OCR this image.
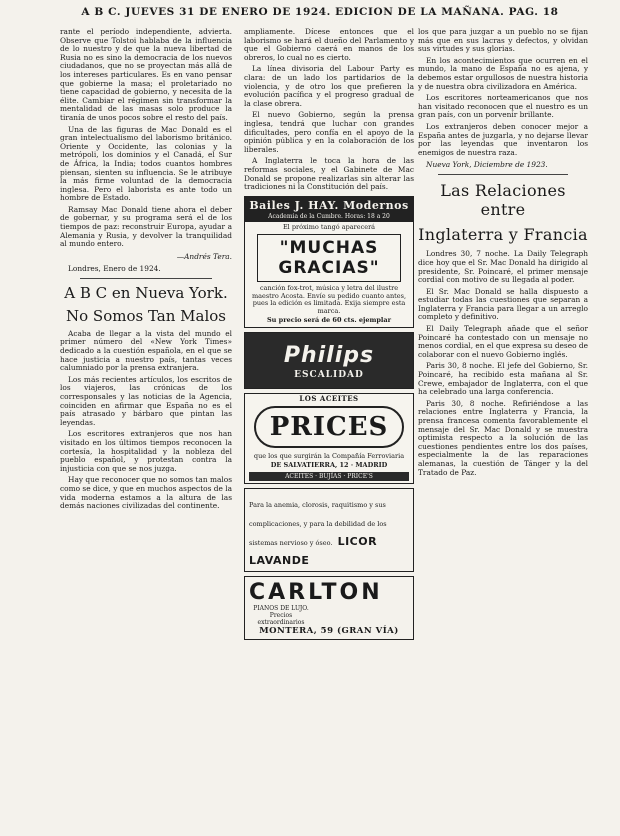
A B C. JUEVES 31 DE ENERO DE 1924. EDICION DE LA MAÑANA. PAG. 18

rante el período independiente, advierta. Observe que Tolstoi hablaba de la influencia de lo nuestro y de que la nueva libertad de Rusia no es sino la democracia de los nuevos ciudadanos, que no se proyectan más allá de los intereses particulares. Es en vano pensar que gobierne la masa; el proletariado no tiene capacidad de gobierno, y necesita de la élite. Cambiar el régimen sin transformar la mentalidad de las masas solo produce la tiranía de unos pocos sobre el resto del país.

Una de las figuras de Mac Donald es el gran intelectualismo del laborismo británico. Oriente y Occidente, las colonias y la metrópoli, los dominios y el Canadá, el Sur de África, la India; todos cuantos hombres piensan, sienten su influencia. Se le atribuye la más firme voluntad de la democracia inglesa. Pero el laborista es ante todo un hombre de Estado.

Ramsay Mac Donald tiene ahora el deber de gobernar, y su programa será el de los tiempos de paz: reconstruir Europa, ayudar a Alemania y Rusia, y devolver la tranquilidad al mundo entero.

—Andrés Tera.
Londres, Enero de 1924.
A B C en Nueva York.
No Somos Tan Malos

Acaba de llegar a la vista del mundo el primer número del «New York Times» dedicado a la cuestión española, en el que se hace justicia a nuestro país, tantas veces calumniado por la prensa extranjera.

Los más recientes artículos, los escritos de los viajeros, las crónicas de los corresponsales y las noticias de la Agencia, coinciden en afirmar que España no es el país atrasado y bárbaro que pintan las leyendas.

Los escritores extranjeros que nos han visitado en los últimos tiempos reconocen la cortesía, la hospitalidad y la nobleza del pueblo español, y protestan contra la injusticia con que se nos juzga.

Hay que reconocer que no somos tan malos como se dice, y que en muchos aspectos de la vida moderna estamos a la altura de las demás naciones civilizadas del continente.

ampliamente. Dícese entonces que el laborismo se hará el dueño del Parlamento y que el Gobierno caerá en manos de los obreros, lo cual no es cierto.

La línea divisoria del Labour Party es clara: de un lado los partidarios de la violencia, y de otro los que prefieren la evolución pacífica y el progreso gradual de la clase obrera.

El nuevo Gobierno, según la prensa inglesa, tendrá que luchar con grandes dificultades, pero confía en el apoyo de la opinión pública y en la colaboración de los liberales.

A Inglaterra le toca la hora de las reformas sociales, y el Gabinete de Mac Donald se propone realizarlas sin alterar las tradiciones ni la Constitución del país.

Bailes J. HAY. Modernos
Academia de la Cumbre. Horas: 18 a 20
El próximo tangó aparecerá
"MUCHAS GRACIAS"
canción fox-trot, música y letra del ilustre maestro Acosta. Envíe su pedido cuanto antes, pues la edición es limitada. Exija siempre esta marca.
Su precio será de 60 cts. ejemplar
Philips
ESCALIDAD
LOS ACEITES
PRICES
que los que surgirán la Compañía Ferroviaria
DE SALVATIERRA, 12 · MADRID
ACEITES · BUJÍAS · PRICE'S
Para la anemia, clorosis, raquitismo y sus complicaciones, y para la debilidad de los sistemas nervioso y óseo. LICOR LAVANDE
CARLTON PIANOS DE LUJO. Precios extraordinarios
MONTERA, 59 (GRAN VÍA)

los que para juzgar a un pueblo no se fijan más que en sus lacras y defectos, y olvidan sus virtudes y sus glorias.

En los acontecimientos que ocurren en el mundo, la mano de España no es ajena, y debemos estar orgullosos de nuestra historia y de nuestra obra civilizadora en América.

Los escritores norteamericanos que nos han visitado reconocen que el nuestro es un gran país, con un porvenir brillante.

Los extranjeros deben conocer mejor a España antes de juzgarla, y no dejarse llevar por las leyendas que inventaron los enemigos de nuestra raza.

Nueva York, Diciembre de 1923.
Las Relaciones entre
Inglaterra y Francia

Londres 30, 7 noche. La Daily Telegraph dice hoy que el Sr. Mac Donald ha dirigido al presidente, Sr. Poincaré, el primer mensaje cordial con motivo de su llegada al poder.

El Sr. Mac Donald se halla dispuesto a estudiar todas las cuestiones que separan a Inglaterra y Francia para llegar a un arreglo completo y definitivo.

El Daily Telegraph añade que el señor Poincaré ha contestado con un mensaje no menos cordial, en el que expresa su deseo de colaborar con el nuevo Gobierno inglés.

Paris 30, 8 noche. El jefe del Gobierno, Sr. Poincaré, ha recibido esta mañana al Sr. Crewe, embajador de Inglaterra, con el que ha celebrado una larga conferencia.

Paris 30, 8 noche. Refiriéndose a las relaciones entre Inglaterra y Francia, la prensa francesa comenta favorablemente el mensaje del Sr. Mac Donald y se muestra optimista respecto a la solución de las cuestiones pendientes entre los dos países, especialmente la de las reparaciones alemanas, la cuestión de Tánger y la del Tratado de Paz.
